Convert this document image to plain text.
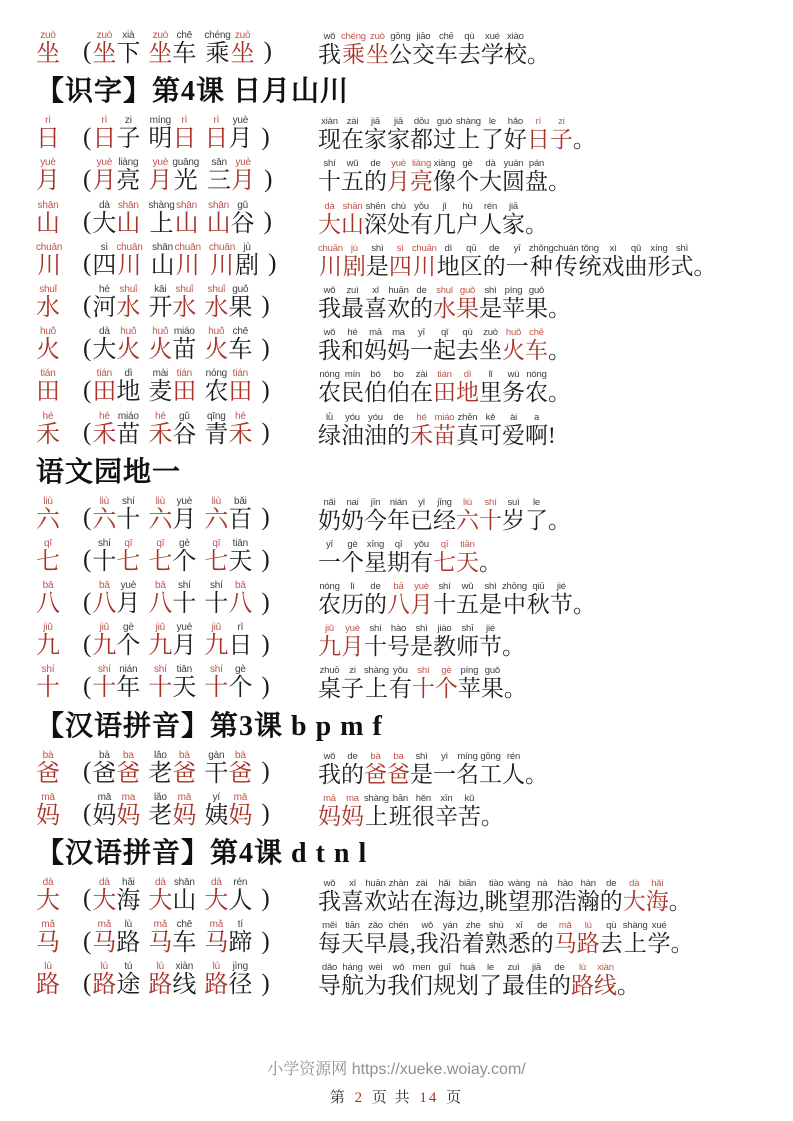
坐zuò
( 坐zuò下xià
坐zuò车chē
乘chéng坐zuò
) 我wǒ乘chéng坐zuò公gōng交jiāo车chē去qù学xué校xiào。
【识字】第4课 日月山川
日rì
( 日rì子zi
明míng日rì
日rì月yuè
) 现xiàn在zài家jiā家jiā都dōu过guò上shàng了le好hǎo日rì子zi。
月yuè
( 月yuè亮liàng
月yuè光guāng
三sān月yuè
) 十shí五wǔ的de月yuè亮liàng像xiàng个gè大dà圆yuán盘pán。
山shān
( 大dà山shān
上shàng山shān
山shān谷gǔ
) 大dà山shān深shēn处chù有yǒu几jǐ户hù人rén家jiā。
川chuān
( 四sì川chuān
山shān川chuān
川chuān剧jù
) 川chuān剧jù是shì四sì川chuān地dì区qū的de一yī种zhǒng传chuán统tǒng戏xì曲qǔ形xíng式shì。
水shuǐ
( 河hé水shuǐ
开kāi水shuǐ
水shuǐ果guǒ
) 我wǒ最zuì喜xǐ欢huān的de水shuǐ果guǒ是shì苹píng果guǒ。
火huǒ
( 大dà火huǒ
火huǒ苗miáo
火huǒ车chē
) 我wǒ和hé妈mā妈ma一yī起qǐ去qù坐zuò火huǒ车chē。
田tián
( 田tián地dì
麦mài田tián
农nóng田tián
) 农nóng民mín伯bó伯bo在zài田tián地dì里lǐ务wù农nóng。
禾hé
( 禾hé苗miáo
禾hé谷gǔ
青qīng禾hé
) 绿lǜ油yóu油yóu的de禾hé苗miáo真zhēn可kě爱ài啊a!
语文园地一
六liù
( 六liù十shí
六liù月yuè
六liù百bǎi
) 奶nǎi奶nai今jīn年nián已yǐ经jīng六liù十shí岁suì了le。
七qī
( 十shí七qī
七qī个gè
七qī天tiān
) 一yī个gè星xīng期qī有yǒu七qī天tiān。
八bā
( 八bā月yuè
八bā十shí
十shí八bā
) 农nóng历lì的de八bā月yuè十shí五wǔ是shì中zhōng秋qiū节jié。
九jiǔ
( 九jiǔ个gè
九jiǔ月yuè
九jiǔ日rì
) 九jiǔ月yuè十shí号hào是shì教jiào师shī节jié。
十shí
( 十shí年nián
十shí天tiān
十shí个gè
) 桌zhuō子zi上shàng有yǒu十shí个gè苹píng果guǒ。
【汉语拼音】第3课 b p m f
爸bà
( 爸bà爸ba
老lǎo爸bà
干gàn爸bà
) 我wǒ的de爸bà爸ba是shì一yì名míng工gōng人rén。
妈mā
( 妈mā妈ma
老lǎo妈mā
姨yí妈mā
) 妈mā妈ma上shàng班bān很hěn辛xīn苦kǔ。
【汉语拼音】第4课 d t n l
大dà
( 大dà海hǎi
大dà山shān
大dà人rén
) 我wǒ喜xǐ欢huān站zhàn在zài海hǎi边biān,眺tiào望wàng那nà浩hào瀚hàn的de大dà海hǎi。
马mǎ
( 马mǎ路lù
马mǎ车chē
马mǎ蹄tí
) 每měi天tiān早zǎo晨chén,我wǒ沿yán着zhe熟shú悉xī的de马mǎ路lù去qù上shàng学xué。
路lù
( 路lù途tú
路lù线xiàn
路lù径jìng
) 导dǎo航háng为wèi我wǒ们men规guī划huà了le最zuì佳jiā的de路lù线xiàn。
小学资源网 https://xueke.woiay.com/
第 2 页 共 14 页
